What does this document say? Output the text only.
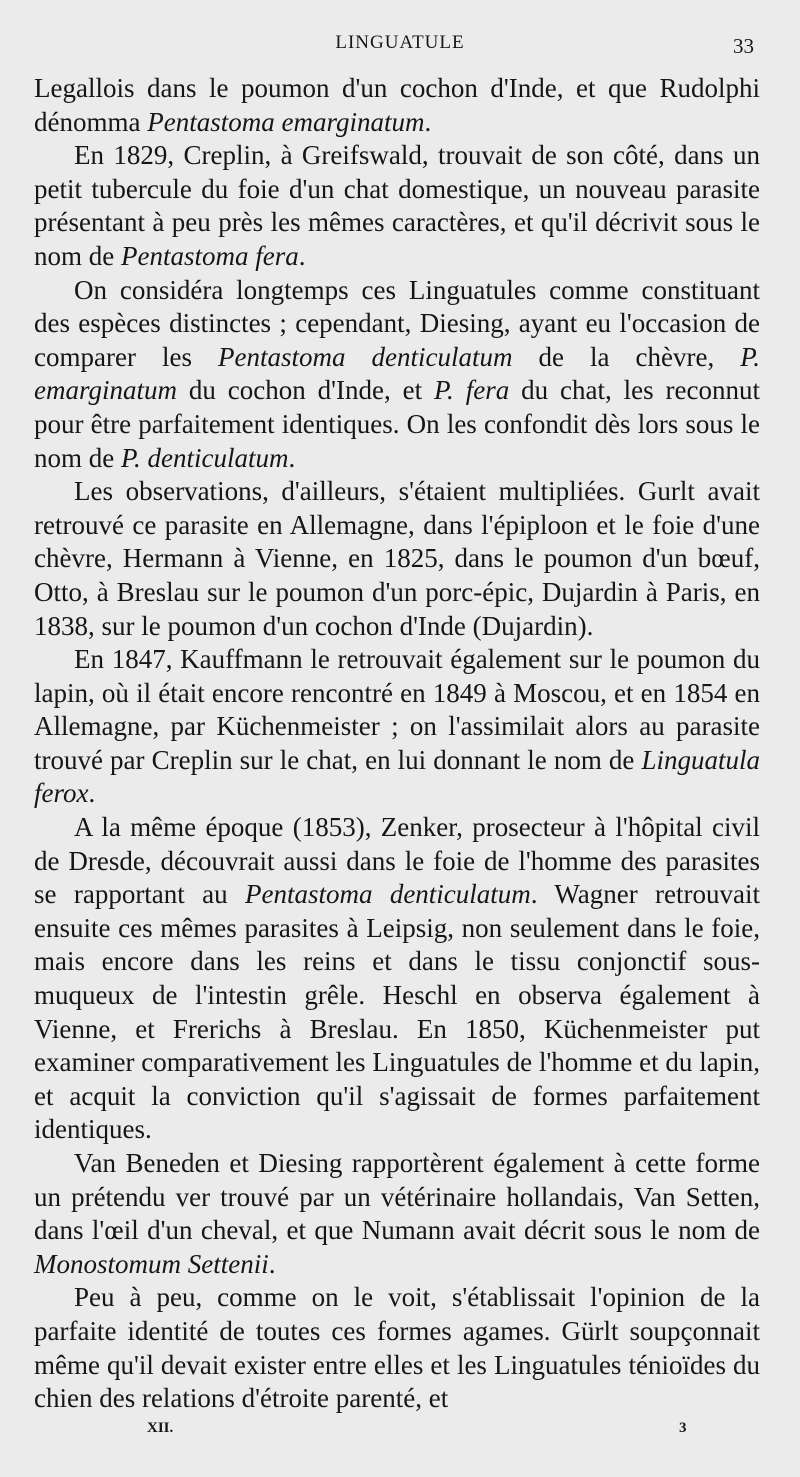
LINGUATULE	33

Legallois dans le poumon d'un cochon d'Inde, et que Rudolphi dénomma Pentastoma emarginatum.

En 1829, Creplin, à Greifswald, trouvait de son côté, dans un petit tubercule du foie d'un chat domestique, un nouveau parasite présentant à peu près les mêmes caractères, et qu'il décrivit sous le nom de Pentastoma fera.

On considéra longtemps ces Linguatules comme constituant des espèces distinctes ; cependant, Diesing, ayant eu l'occasion de comparer les Pentastoma denticulatum de la chèvre, P. emarginatum du cochon d'Inde, et P. fera du chat, les reconnut pour être parfaitement identiques. On les confondit dès lors sous le nom de P. denticulatum.

Les observations, d'ailleurs, s'étaient multipliées. Gurlt avait retrouvé ce parasite en Allemagne, dans l'épiploon et le foie d'une chèvre, Hermann à Vienne, en 1825, dans le poumon d'un bœuf, Otto, à Breslau sur le poumon d'un porc-épic, Dujardin à Paris, en 1838, sur le poumon d'un cochon d'Inde (Dujardin).

En 1847, Kauffmann le retrouvait également sur le poumon du lapin, où il était encore rencontré en 1849 à Moscou, et en 1854 en Allemagne, par Küchenmeister ; on l'assimilait alors au parasite trouvé par Creplin sur le chat, en lui donnant le nom de Linguatula ferox.

A la même époque (1853), Zenker, prosecteur à l'hôpital civil de Dresde, découvrait aussi dans le foie de l'homme des parasites se rapportant au Pentastoma denticulatum. Wagner retrouvait ensuite ces mêmes parasites à Leipsig, non seulement dans le foie, mais encore dans les reins et dans le tissu conjonctif sous-muqueux de l'intestin grêle. Heschl en observa également à Vienne, et Frerichs à Breslau. En 1850, Küchenmeister put examiner comparativement les Linguatules de l'homme et du lapin, et acquit la conviction qu'il s'agissait de formes parfaitement identiques.

Van Beneden et Diesing rapportèrent également à cette forme un prétendu ver trouvé par un vétérinaire hollandais, Van Setten, dans l'œil d'un cheval, et que Numann avait décrit sous le nom de Monostomum Settenii.

Peu à peu, comme on le voit, s'établissait l'opinion de la parfaite identité de toutes ces formes agames. Gürlt soupçonnait même qu'il devait exister entre elles et les Linguatules ténioïdes du chien des relations d'étroite parenté, et

XII.	3
